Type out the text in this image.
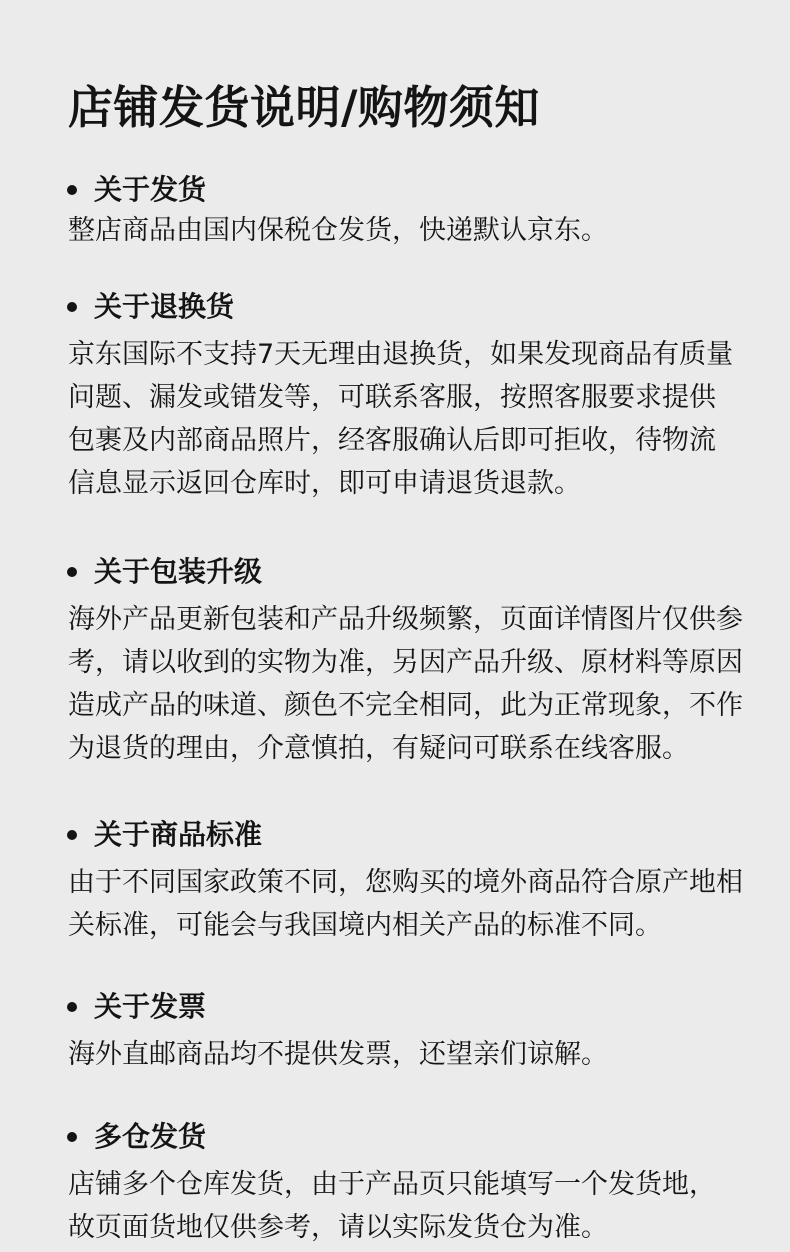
店铺发货说明/购物须知
关于发货
整店商品由国内保税仓发货，快递默认京东。
关于退换货
京东国际不支持7天无理由退换货，如果发现商品有质量
问题、漏发或错发等，可联系客服，按照客服要求提供
包裹及内部商品照片，经客服确认后即可拒收，待物流
信息显示返回仓库时，即可申请退货退款。
关于包装升级
海外产品更新包装和产品升级频繁，页面详情图片仅供参
考，请以收到的实物为准，另因产品升级、原材料等原因
造成产品的味道、颜色不完全相同，此为正常现象，不作
为退货的理由，介意慎拍，有疑问可联系在线客服。
关于商品标准
由于不同国家政策不同，您购买的境外商品符合原产地相
关标准，可能会与我国境内相关产品的标准不同。
关于发票
海外直邮商品均不提供发票，还望亲们谅解。
多仓发货
店铺多个仓库发货，由于产品页只能填写一个发货地，
故页面货地仅供参考，请以实际发货仓为准。
